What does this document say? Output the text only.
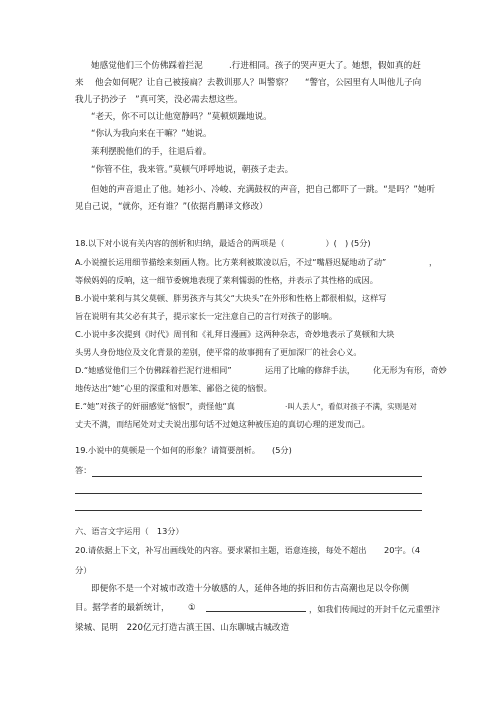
她感觉他们三个仿佛踩着拦泥	.行进相同。孩子的哭声更大了。她想，假如真的赶
来 他会如何呢？让自己被接扁？去教训那人？叫警察？ “警官，公园里有人叫他儿子向
我儿子扔沙子　”真可笑，没必需去想这些。
“老天，你不可以让他宽静吗？”莫顿烦躁地说。
“你认为我向来在干嘛？”她说。
莱利摆脱他们的手，往退后着。
“你管不住，我来管。”莫顿气呼呼地说，朝孩子走去。
但她的声音退止了他。她衫小、冷峻、充满鼓权的声音，把自己都吓了一跳。“是吗？”她听
见自己说，“就你，还有谁？”(依据肖鹏译文修改）
18.以下对小说有关内容的剖析和归纳，最适合的两项是（　　　　　）(　) (5分)
A.小说擅长运用细节描绘来刻画人物。比方莱利被欺凌以后，不过“嘴唇迟疑地动了动”	，
等候妈妈的反响，这一细节委婉地表现了莱利懦弱的性格，并表示了其性格的成因。
B.小说中莱利与其父莫顿、胖男孩齐与其父“大块头”在外形和性格上都很相似，这样写
旨在说明有其父必有其子，提示家长一定注意自己的言行对孩子的影响。
C.小说中多次提到《时代》周刊和《礼拜日漫画》这两种杂志，奇妙地表示了莫顿和大块
头男人身份地位及文化背景的差别，使平常的故事拥有了更加深厂的社会心义。
D.“她感觉他们三个仿佛踩着拦泥行进相同”	运用了比喻的修辞手法， 化无形为有形，奇妙
地传达出“她”心里的深重和对愚笨、鄙俗之徒的恼恨。
E.“她”对孩子的奸丽感觉“恼恨”，责怪他“真	·叫人丢人”，看似对孩子不满，实则是对
丈夫不满，而结尾处对丈夫说出那句话不过她这种被压迫的真切心理的逆发而己。
19.小说中的莫顿是一个如何的形象？请简要剖析。 (5分)
答：
六、语言文字运用（　13分）
20.请依据上下文，补写出画线处的内容。要求紧扣主题，语意连接，每处不超出 20字。（4
分）
即便你不是一个对城市改造十分敏感的人，延伸各地的拆旧和仿古高潮也足以令你侧
目。据学者的最新统计， ①	，如我们传闻过的开封千亿元重塑汴
梁城、昆明　220亿元打造古滇王国、山东聊城古城改造
